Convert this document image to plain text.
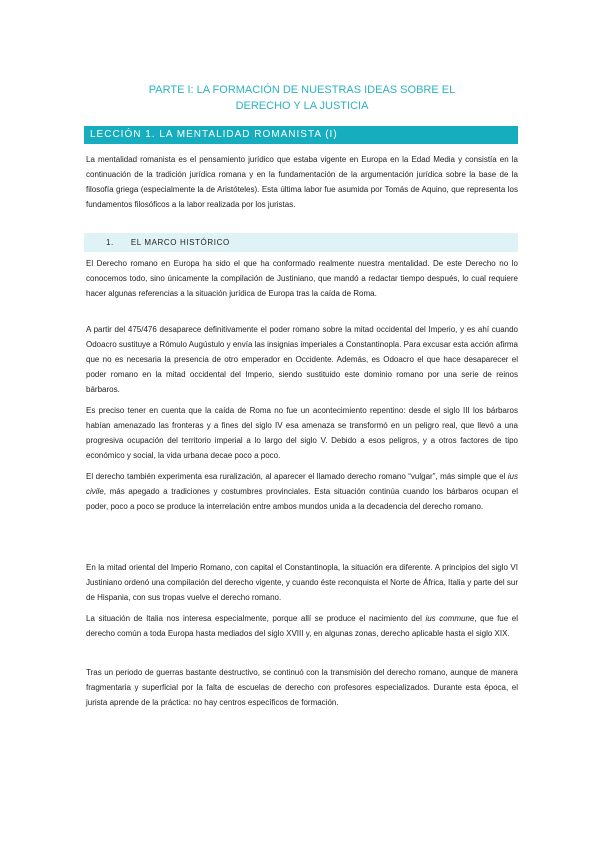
PARTE I: LA FORMACIÓN DE NUESTRAS IDEAS SOBRE EL
DERECHO Y LA JUSTICIA
LECCIÓN 1. LA MENTALIDAD ROMANISTA (I)

La mentalidad romanista es el pensamiento jurídico que estaba vigente en Europa en la Edad Media y consistía en la continuación de la tradición jurídica romana y en la fundamentación de la argumentación jurídica sobre la base de la filosofía griega (especialmente la de Aristóteles). Esta última labor fue asumida por Tomás de Aquino, que representa los fundamentos filosóficos a la labor realizada por los juristas.

1. EL MARCO HISTÓRICO

El Derecho romano en Europa ha sido el que ha conformado realmente nuestra mentalidad. De este Derecho no lo conocemos todo, sino únicamente la compilación de Justiniano, que mandó a redactar tiempo después, lo cual requiere hacer algunas referencias a la situación jurídica de Europa tras la caída de Roma.

A partir del 475/476 desaparece definitivamente el poder romano sobre la mitad occidental del Imperio, y es ahí cuando Odoacro sustituye a Rómulo Augústulo y envía las insignias imperiales a Constantinopla. Para excusar esta acción afirma que no es necesaria la presencia de otro emperador en Occidente. Además, es Odoacro el que hace desaparecer el poder romano en la mitad occidental del Imperio, siendo sustituido este dominio romano por una serie de reinos bárbaros.

Es preciso tener en cuenta que la caída de Roma no fue un acontecimiento repentino: desde el siglo III los bárbaros habían amenazado las fronteras y a fines del siglo IV esa amenaza se transformó en un peligro real, que llevó a una progresiva ocupación del territorio imperial a lo largo del siglo V. Debido a esos peligros, y a otros factores de tipo económico y social, la vida urbana decae poco a poco.

El derecho también experimenta esa ruralización, al aparecer el llamado derecho romano “vulgar”, más simple que el ius civile, más apegado a tradiciones y costumbres provinciales. Esta situación continúa cuando los bárbaros ocupan el poder, poco a poco se produce la interrelación entre ambos mundos unida a la decadencia del derecho romano.

En la mitad oriental del Imperio Romano, con capital el Constantinopla, la situación era diferente. A principios del siglo VI Justiniano ordenó una compilación del derecho vigente, y cuando éste reconquista el Norte de África, Italia y parte del sur de Hispania, con sus tropas vuelve el derecho romano.

La situación de Italia nos interesa especialmente, porque allí se produce el nacimiento del ius commune, que fue el derecho común a toda Europa hasta mediados del siglo XVIII y, en algunas zonas, derecho aplicable hasta el siglo XIX.

Tras un periodo de guerras bastante destructivo, se continuó con la transmisión del derecho romano, aunque de manera fragmentaria y superficial por la falta de escuelas de derecho con profesores especializados. Durante esta época, el jurista aprende de la práctica: no hay centros específicos de formación.
